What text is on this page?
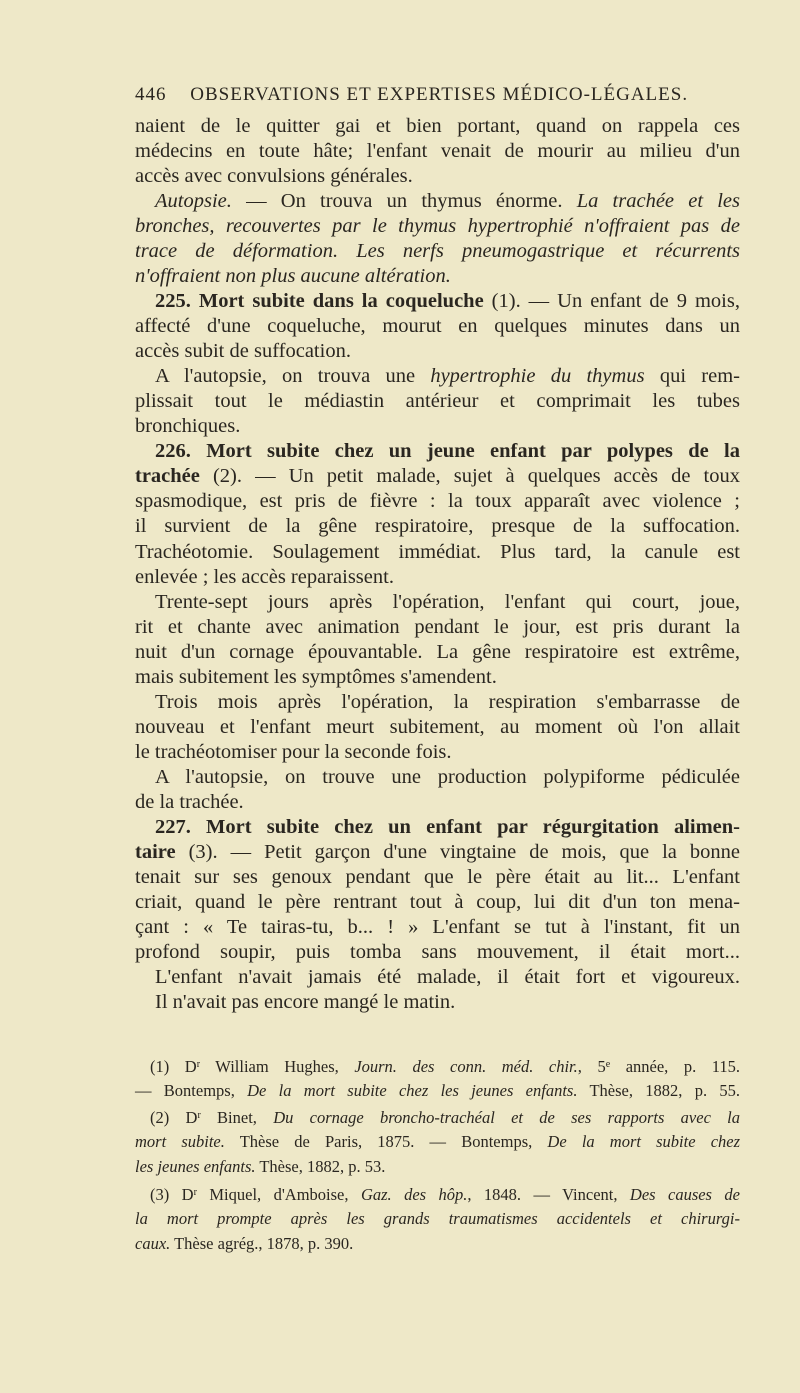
446 OBSERVATIONS ET EXPERTISES MÉDICO-LÉGALES.
naient de le quitter gai et bien portant, quand on rappela ces
médecins en toute hâte; l'enfant venait de mourir au milieu d'un
accès avec convulsions générales.
Autopsie. — On trouva un thymus énorme. La trachée et les
bronches, recouvertes par le thymus hypertrophié n'offraient pas de
trace de déformation. Les nerfs pneumogastrique et récurrents
n'offraient non plus aucune altération.
225. Mort subite dans la coqueluche (1). — Un enfant de 9 mois,
affecté d'une coqueluche, mourut en quelques minutes dans un
accès subit de suffocation.
A l'autopsie, on trouva une hypertrophie du thymus qui rem-
plissait tout le médiastin antérieur et comprimait les tubes
bronchiques.
226. Mort subite chez un jeune enfant par polypes de la
trachée (2). — Un petit malade, sujet à quelques accès de toux
spasmodique, est pris de fièvre : la toux apparaît avec violence ;
il survient de la gêne respiratoire, presque de la suffocation.
Trachéotomie. Soulagement immédiat. Plus tard, la canule est
enlevée ; les accès reparaissent.
Trente-sept jours après l'opération, l'enfant qui court, joue,
rit et chante avec animation pendant le jour, est pris durant la
nuit d'un cornage épouvantable. La gêne respiratoire est extrême,
mais subitement les symptômes s'amendent.
Trois mois après l'opération, la respiration s'embarrasse de
nouveau et l'enfant meurt subitement, au moment où l'on allait
le trachéotomiser pour la seconde fois.
A l'autopsie, on trouve une production polypiforme pédiculée
de la trachée.
227. Mort subite chez un enfant par régurgitation alimen-
taire (3). — Petit garçon d'une vingtaine de mois, que la bonne
tenait sur ses genoux pendant que le père était au lit... L'enfant
criait, quand le père rentrant tout à coup, lui dit d'un ton mena-
çant : « Te tairas-tu, b... ! » L'enfant se tut à l'instant, fit un
profond soupir, puis tomba sans mouvement, il était mort...
L'enfant n'avait jamais été malade, il était fort et vigoureux.
Il n'avait pas encore mangé le matin.
(1) $D^r$ William Hughes, Journ. des conn. méd. chir., 5e année, p. 115.
— Bontemps, De la mort subite chez les jeunes enfants. Thèse, 1882, p. 55.
(2) $D^r$ Binet, Du cornage broncho-trachéal et de ses rapports avec la
mort subite. Thèse de Paris, 1875. — Bontemps, De la mort subite chez
les jeunes enfants. Thèse, 1882, p. 53.
(3) $D^r$ Miquel, d'Amboise, Gaz. des hôp., 1848. — Vincent, Des causes de
la mort prompte après les grands traumatismes accidentels et chirurgi-
caux. Thèse agrég., 1878, p. 390.
